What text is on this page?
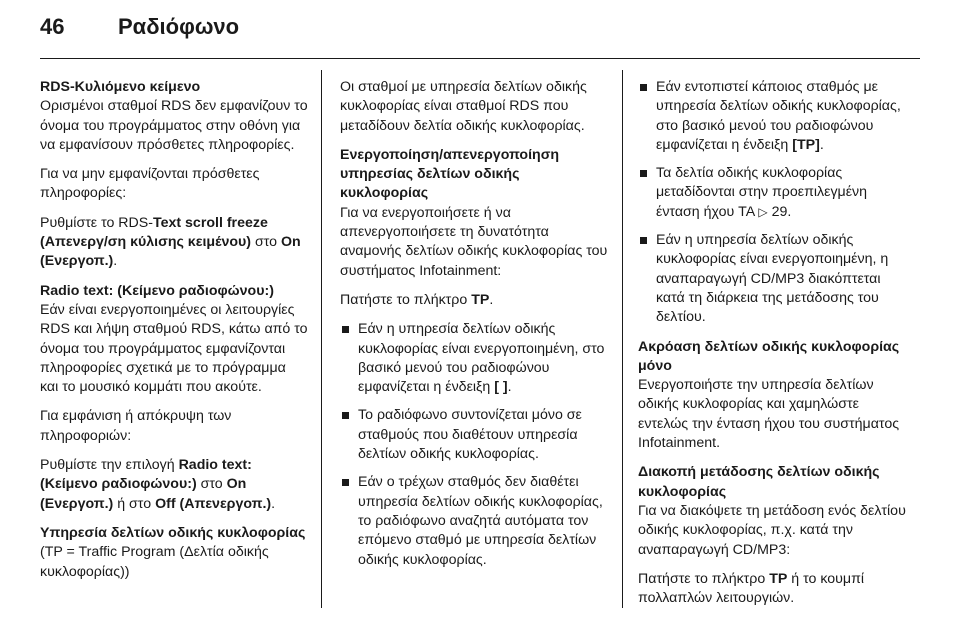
46	Ραδιόφωνο
RDS-Κυλιόμενο κείμενο

Ορισμένοι σταθμοί RDS δεν εμφανίζουν το όνομα του προγράμματος στην οθόνη για να εμφανίσουν πρόσθετες πληροφορίες.

Για να μην εμφανίζονται πρόσθετες πληροφορίες:

Ρυθμίστε το RDS-Text scroll freeze (Απενεργ/ση κύλισης κειμένου) στο On (Ενεργοπ.).

Radio text: (Κείμενο ραδιοφώνου:)

Εάν είναι ενεργοποιημένες οι λειτουργίες RDS και λήψη σταθμού RDS, κάτω από το όνομα του προγράμματος εμφανίζονται πληροφορίες σχετικά με το πρόγραμμα και το μουσικό κομμάτι που ακούτε.

Για εμφάνιση ή απόκρυψη των πληροφοριών:

Ρυθμίστε την επιλογή Radio text: (Κείμενο ραδιοφώνου:) στο On (Ενεργοπ.) ή στο Off (Απενεργοπ.).

Υπηρεσία δελτίων οδικής κυκλοφορίας

(TP = Traffic Program (Δελτία οδικής κυκλοφορίας))

Οι σταθμοί με υπηρεσία δελτίων οδικής κυκλοφορίας είναι σταθμοί RDS που μεταδίδουν δελτία οδικής κυκλοφορίας.

Ενεργοποίηση/απενεργοποίηση υπηρεσίας δελτίων οδικής κυκλοφορίας

Για να ενεργοποιήσετε ή να απενεργοποιήσετε τη δυνατότητα αναμονής δελτίων οδικής κυκλοφορίας του συστήματος Infotainment:

Πατήστε το πλήκτρο TP.

Εάν η υπηρεσία δελτίων οδικής κυκλοφορίας είναι ενεργοποιημένη, στο βασικό μενού του ραδιοφώνου εμφανίζεται η ένδειξη [ ].
Το ραδιόφωνο συντονίζεται μόνο σε σταθμούς που διαθέτουν υπηρεσία δελτίων οδικής κυκλοφορίας.
Εάν ο τρέχων σταθμός δεν διαθέτει υπηρεσία δελτίων οδικής κυκλοφορίας, το ραδιόφωνο αναζητά αυτόματα τον επόμενο σταθμό με υπηρεσία δελτίων οδικής κυκλοφορίας.
Εάν εντοπιστεί κάποιος σταθμός με υπηρεσία δελτίων οδικής κυκλοφορίας, στο βασικό μενού του ραδιοφώνου εμφανίζεται η ένδειξη [TP].
Τα δελτία οδικής κυκλοφορίας μεταδίδονται στην προεπιλεγμένη ένταση ήχου TA ▷ 29.
Εάν η υπηρεσία δελτίων οδικής κυκλοφορίας είναι ενεργοποιημένη, η αναπαραγωγή CD/MP3 διακόπτεται κατά τη διάρκεια της μετάδοσης του δελτίου.
Ακρόαση δελτίων οδικής κυκλοφορίας μόνο

Ενεργοποιήστε την υπηρεσία δελτίων οδικής κυκλοφορίας και χαμηλώστε εντελώς την ένταση ήχου του συστήματος Infotainment.

Διακοπή μετάδοσης δελτίων οδικής κυκλοφορίας

Για να διακόψετε τη μετάδοση ενός δελτίου οδικής κυκλοφορίας, π.χ. κατά την αναπαραγωγή CD/MP3:

Πατήστε το πλήκτρο TP ή το κουμπί πολλαπλών λειτουργιών.
